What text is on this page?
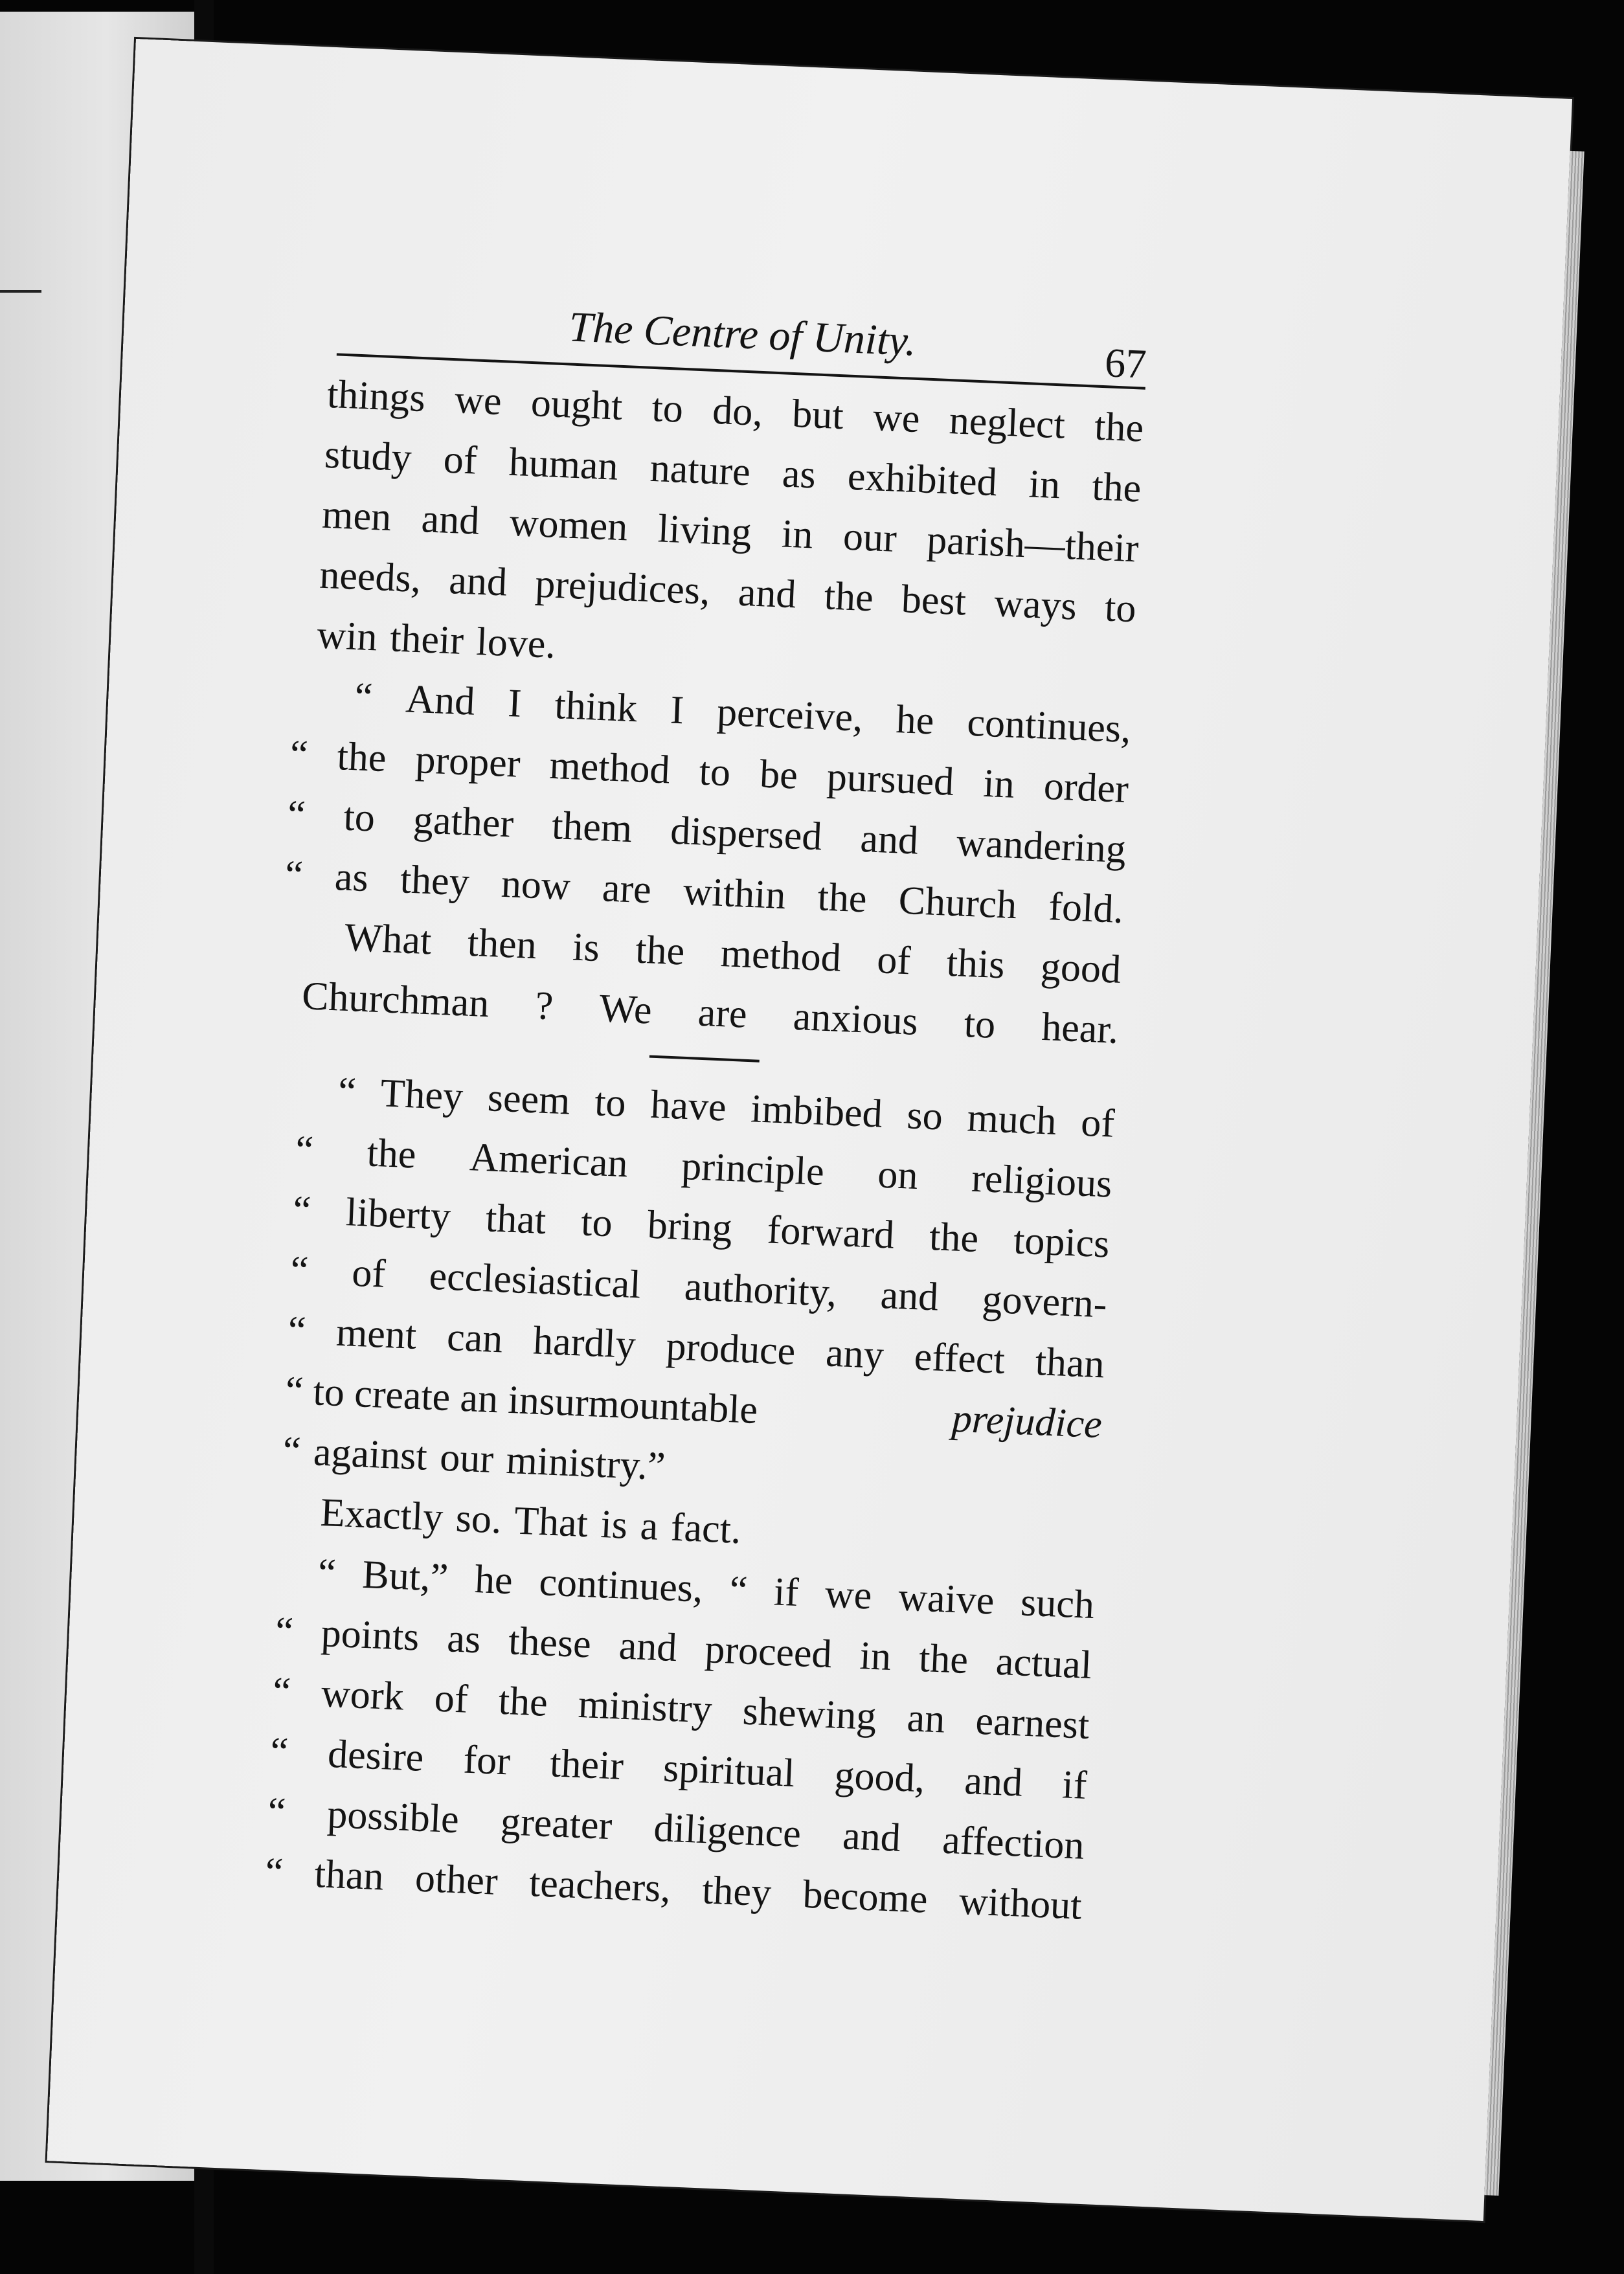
The Centre of Unity.	67
things we ought to do, but we neglect the
study of human nature as exhibited in the
men and women living in our parish—their
needs, and prejudices, and the best ways to
win their love.
“ And I think I perceive, he continues,
“ the proper method to be pursued in order
“ to gather them dispersed and wandering
“ as they now are within the Church fold.
What then is the method of this good
Churchman ? We are anxious to hear.
“ They seem to have imbibed so much of
“ the American principle on religious
“ liberty that to bring forward the topics
“ of ecclesiastical authority, and govern-
“ ment can hardly produce any effect than
“ to create an insurmountable	prejudice
“ against our ministry.”
Exactly so. That is a fact.
“ But,” he continues, “ if we waive such
“ points as these and proceed in the actual
“ work of the ministry shewing an earnest
“ desire for their spiritual good, and if
“ possible greater diligence and affection
“ than other teachers, they become without
